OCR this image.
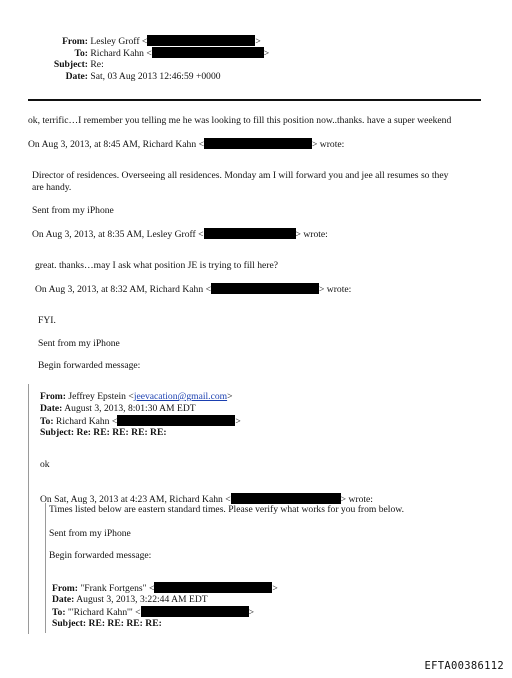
From: Lesley Groff <	>
To: Richard Kahn <	>
Subject: Re:
Date: Sat, 03 Aug 2013 12:46:59 +0000
ok, terrific…I remember you telling me he was looking to fill this position now..thanks. have a super weekend
On Aug 3, 2013, at 8:45 AM, Richard Kahn <	> wrote:
Director of residences. Overseeing all residences. Monday am I will forward you and jee all resumes so they
are handy.
Sent from my iPhone
On Aug 3, 2013, at 8:35 AM, Lesley Groff <	> wrote:
great. thanks…may I ask what position JE is trying to fill here?
On Aug 3, 2013, at 8:32 AM, Richard Kahn <	> wrote:
FYI.
Sent from my iPhone
Begin forwarded message:
From: Jeffrey Epstein <jeevacation@gmail.com>
Date: August 3, 2013, 8:01:30 AM EDT
To: Richard Kahn <	>
Subject: Re: RE: RE: RE: RE:
ok
On Sat, Aug 3, 2013 at 4:23 AM, Richard Kahn <	> wrote:
Times listed below are eastern standard times. Please verify what works for you from below.
Sent from my iPhone
Begin forwarded message:
From: "Frank Fortgens" <	>
Date: August 3, 2013, 3:22:44 AM EDT
To: "'Richard Kahn'" <	>
Subject: RE: RE: RE: RE:
EFTA00386112
